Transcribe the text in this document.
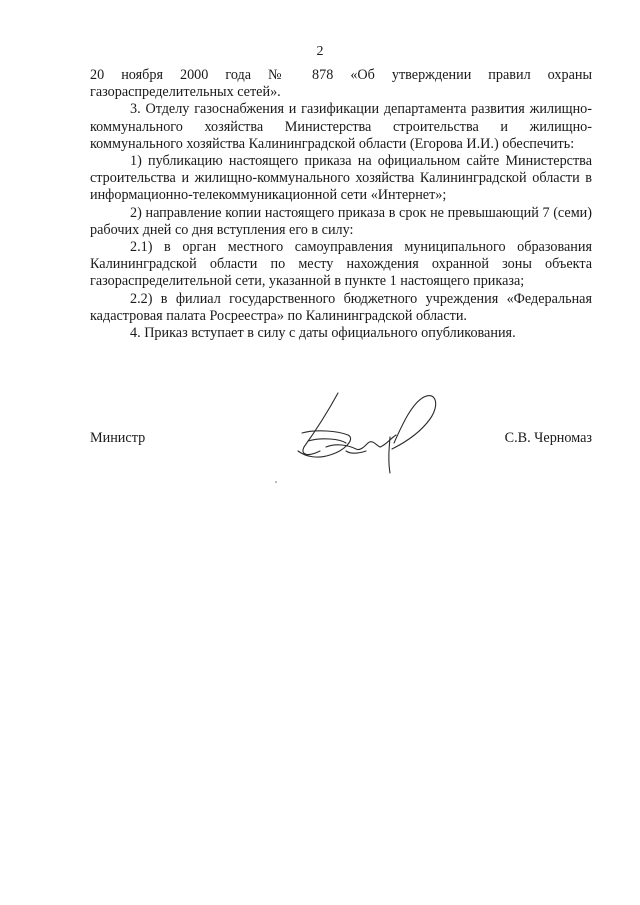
2

20 ноября 2000 года № 878 «Об утверждении правил охраны газораспределительных сетей».

3. Отделу газоснабжения и газификации департамента развития жилищно-коммунального хозяйства Министерства строительства и жилищно-коммунального хозяйства Калининградской области (Егорова И.И.) обеспечить:

1) публикацию настоящего приказа на официальном сайте Министерства строительства и жилищно-коммунального хозяйства Калининградской области в информационно-телекоммуникационной сети «Интернет»;

2) направление копии настоящего приказа в срок не превышающий 7 (семи) рабочих дней со дня вступления его в силу:

2.1) в орган местного самоуправления муниципального образования Калининградской области по месту нахождения охранной зоны объекта газораспределительной сети, указанной в пункте 1 настоящего приказа;

2.2) в филиал государственного бюджетного учреждения «Федеральная кадастровая палата Росреестра» по Калининградской области.

4. Приказ вступает в силу с даты официального опубликования.

Министр	С.В. Черномаз
